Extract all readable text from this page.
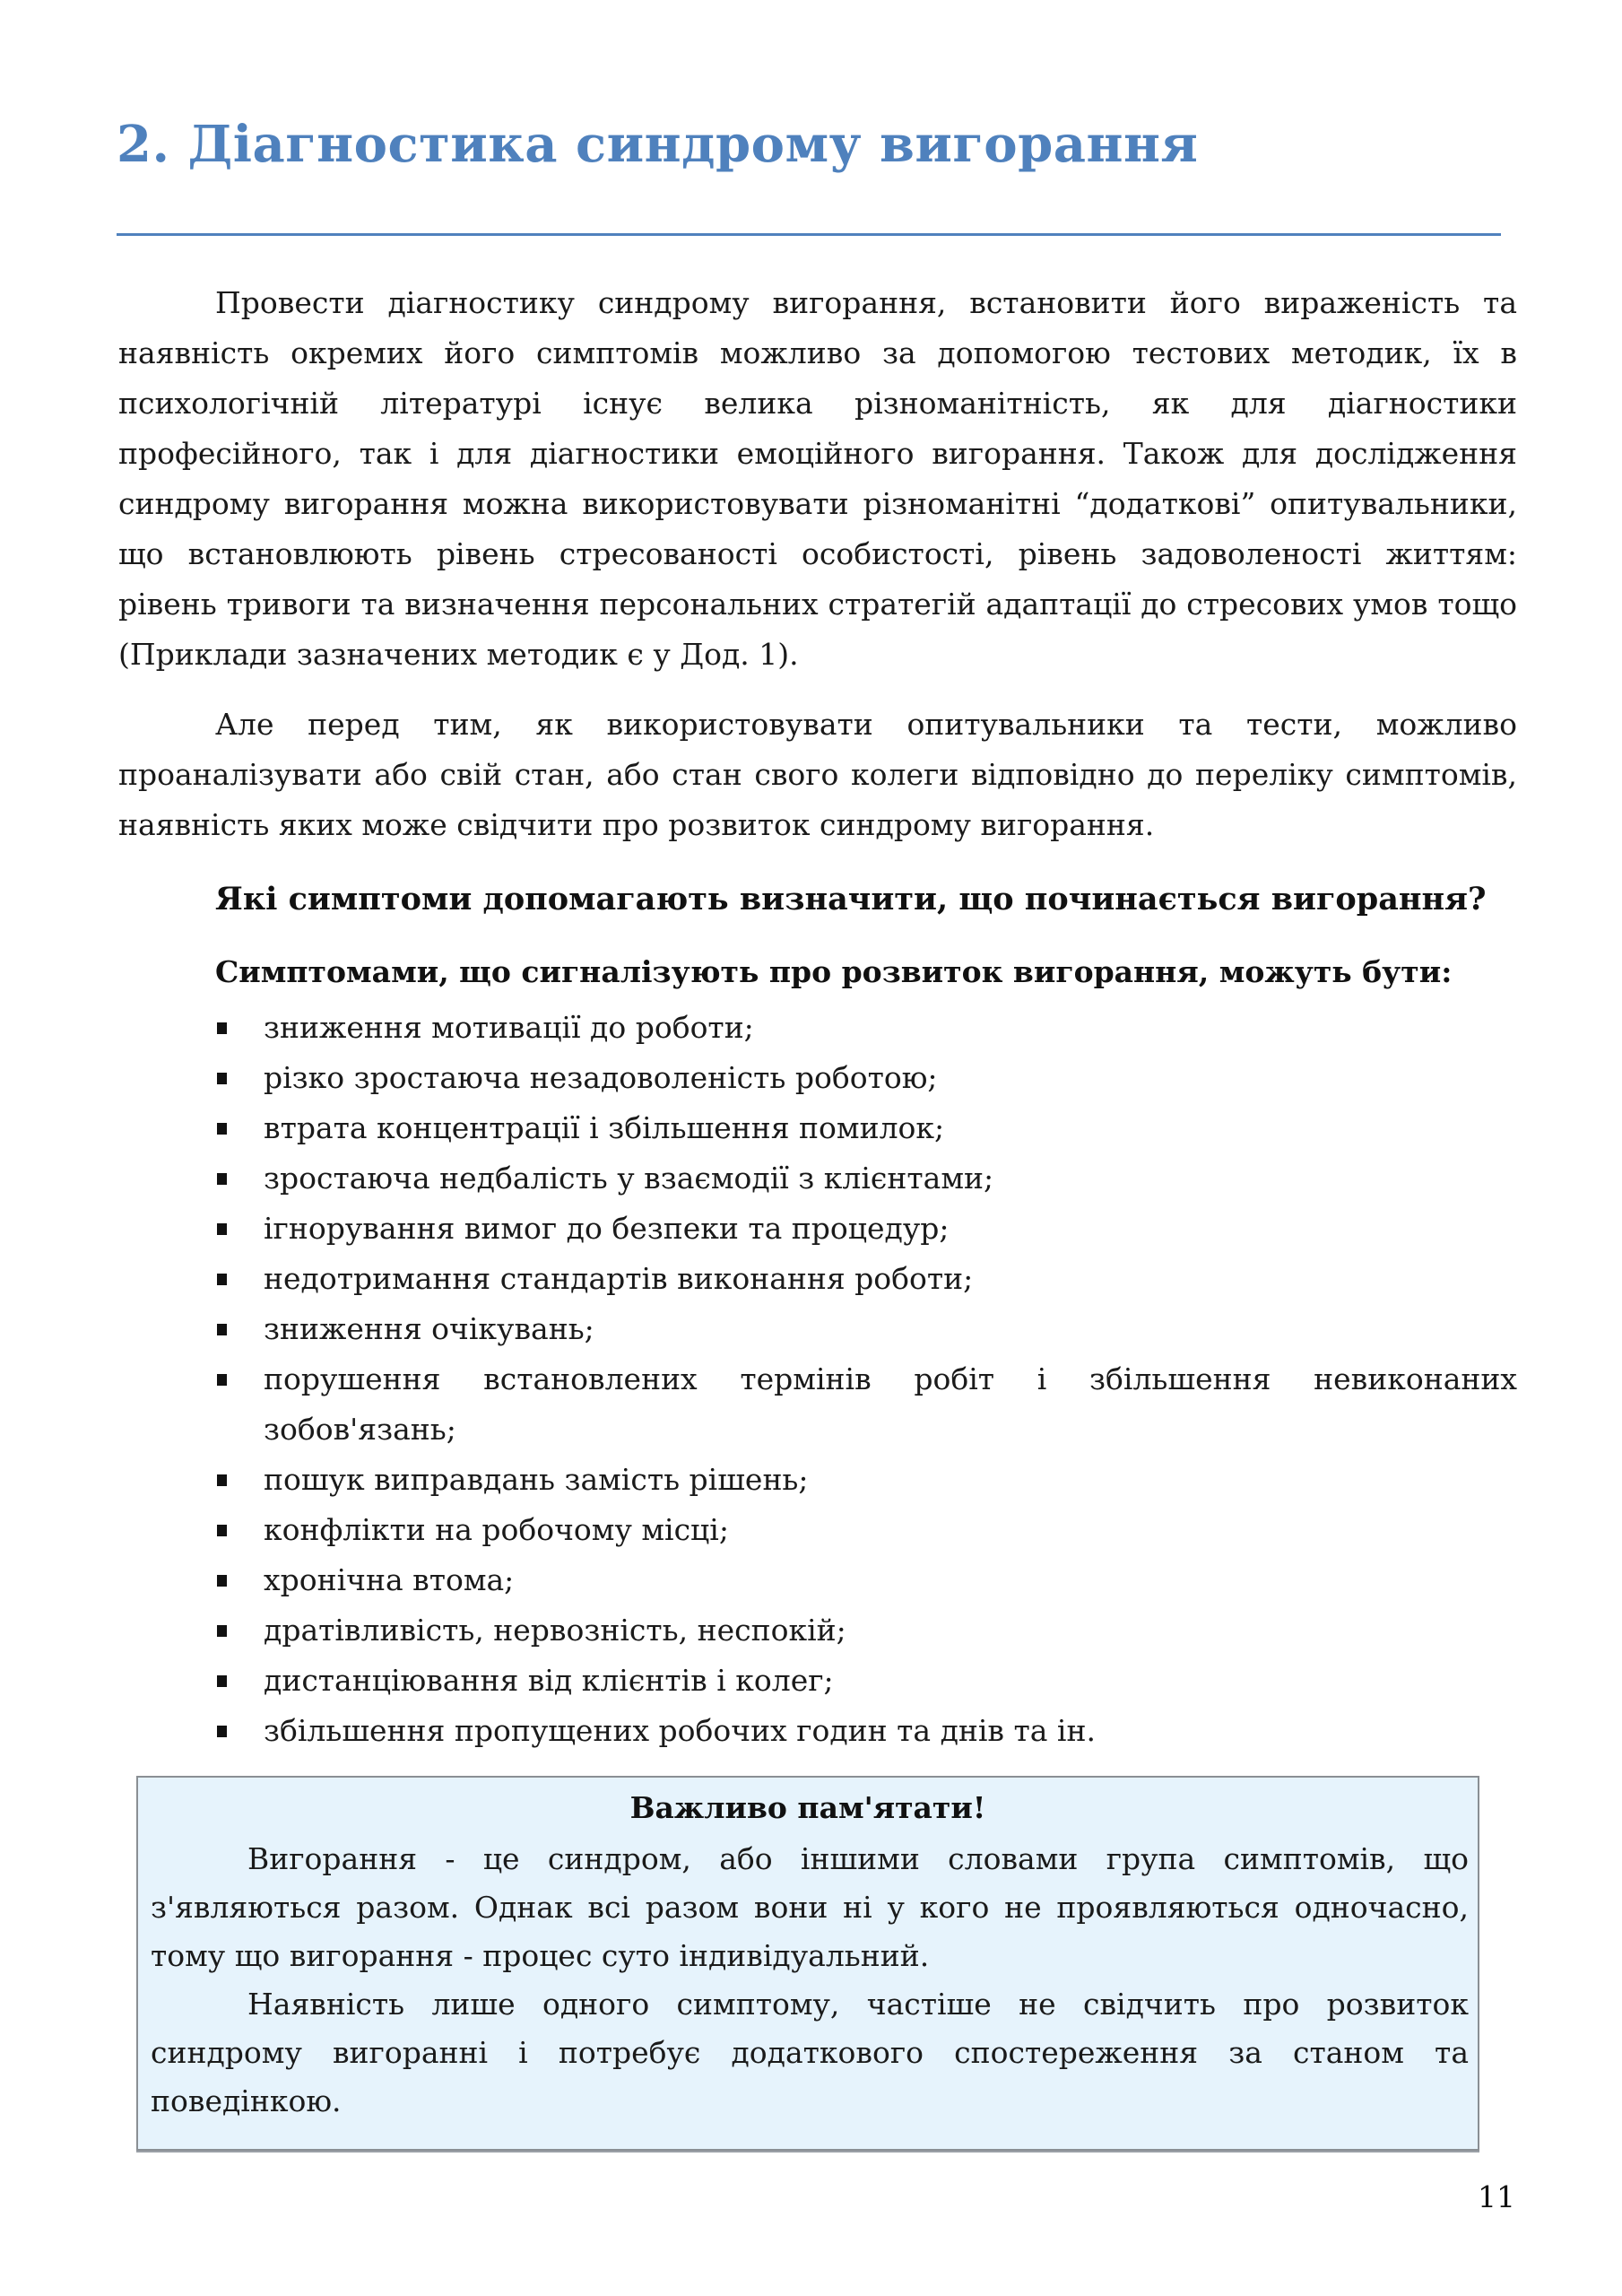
2. Діагностика синдрому вигорання

Провести діагностику синдрому вигорання, встановити його вираженість та наявність окремих його симптомів можливо за допомогою тестових методик, їх в психологічній літературі існує велика різноманітність, як для діагностики професійного, так і для діагностики емоційного вигорання. Також для дослідження синдрому вигорання можна використовувати різноманітні “додаткові” опитувальники, що встановлюють рівень стресованості особистості, рівень задоволеності життям: рівень тривоги та визначення персональних стратегій адаптації до стресових умов тощо (Приклади зазначених методик є у Дод. 1).

Але перед тим, як використовувати опитувальники та тести, можливо проаналізувати або свій стан, або стан свого колеги відповідно до переліку симптомів, наявність яких може свідчити про розвиток синдрому вигорання.

Які симптоми допомагають визначити, що починається вигорання?
Симптомами, що сигналізують про розвиток вигорання, можуть бути:
зниження мотивації до роботи;
різко зростаюча незадоволеність роботою;
втрата концентрації і збільшення помилок;
зростаюча недбалість у взаємодії з клієнтами;
ігнорування вимог до безпеки та процедур;
недотримання стандартів виконання роботи;
зниження очікувань;
порушення встановлених термінів робіт і збільшення невиконаних зобов'язань;
пошук виправдань замість рішень;
конфлікти на робочому місці;
хронічна втома;
дратівливість, нервозність, неспокій;
дистанціювання від клієнтів і колег;
збільшення пропущених робочих годин та днів та ін.

Важливо пам'ятати!

Вигорання - це синдром, або іншими словами група симптомів, що з'являються разом. Однак всі разом вони ні у кого не проявляються одночасно, тому що вигорання - процес суто індивідуальний.

Наявність лише одного симптому, частіше не свідчить про розвиток синдрому вигоранні і потребує додаткового спостереження за станом та поведінкою.

11
